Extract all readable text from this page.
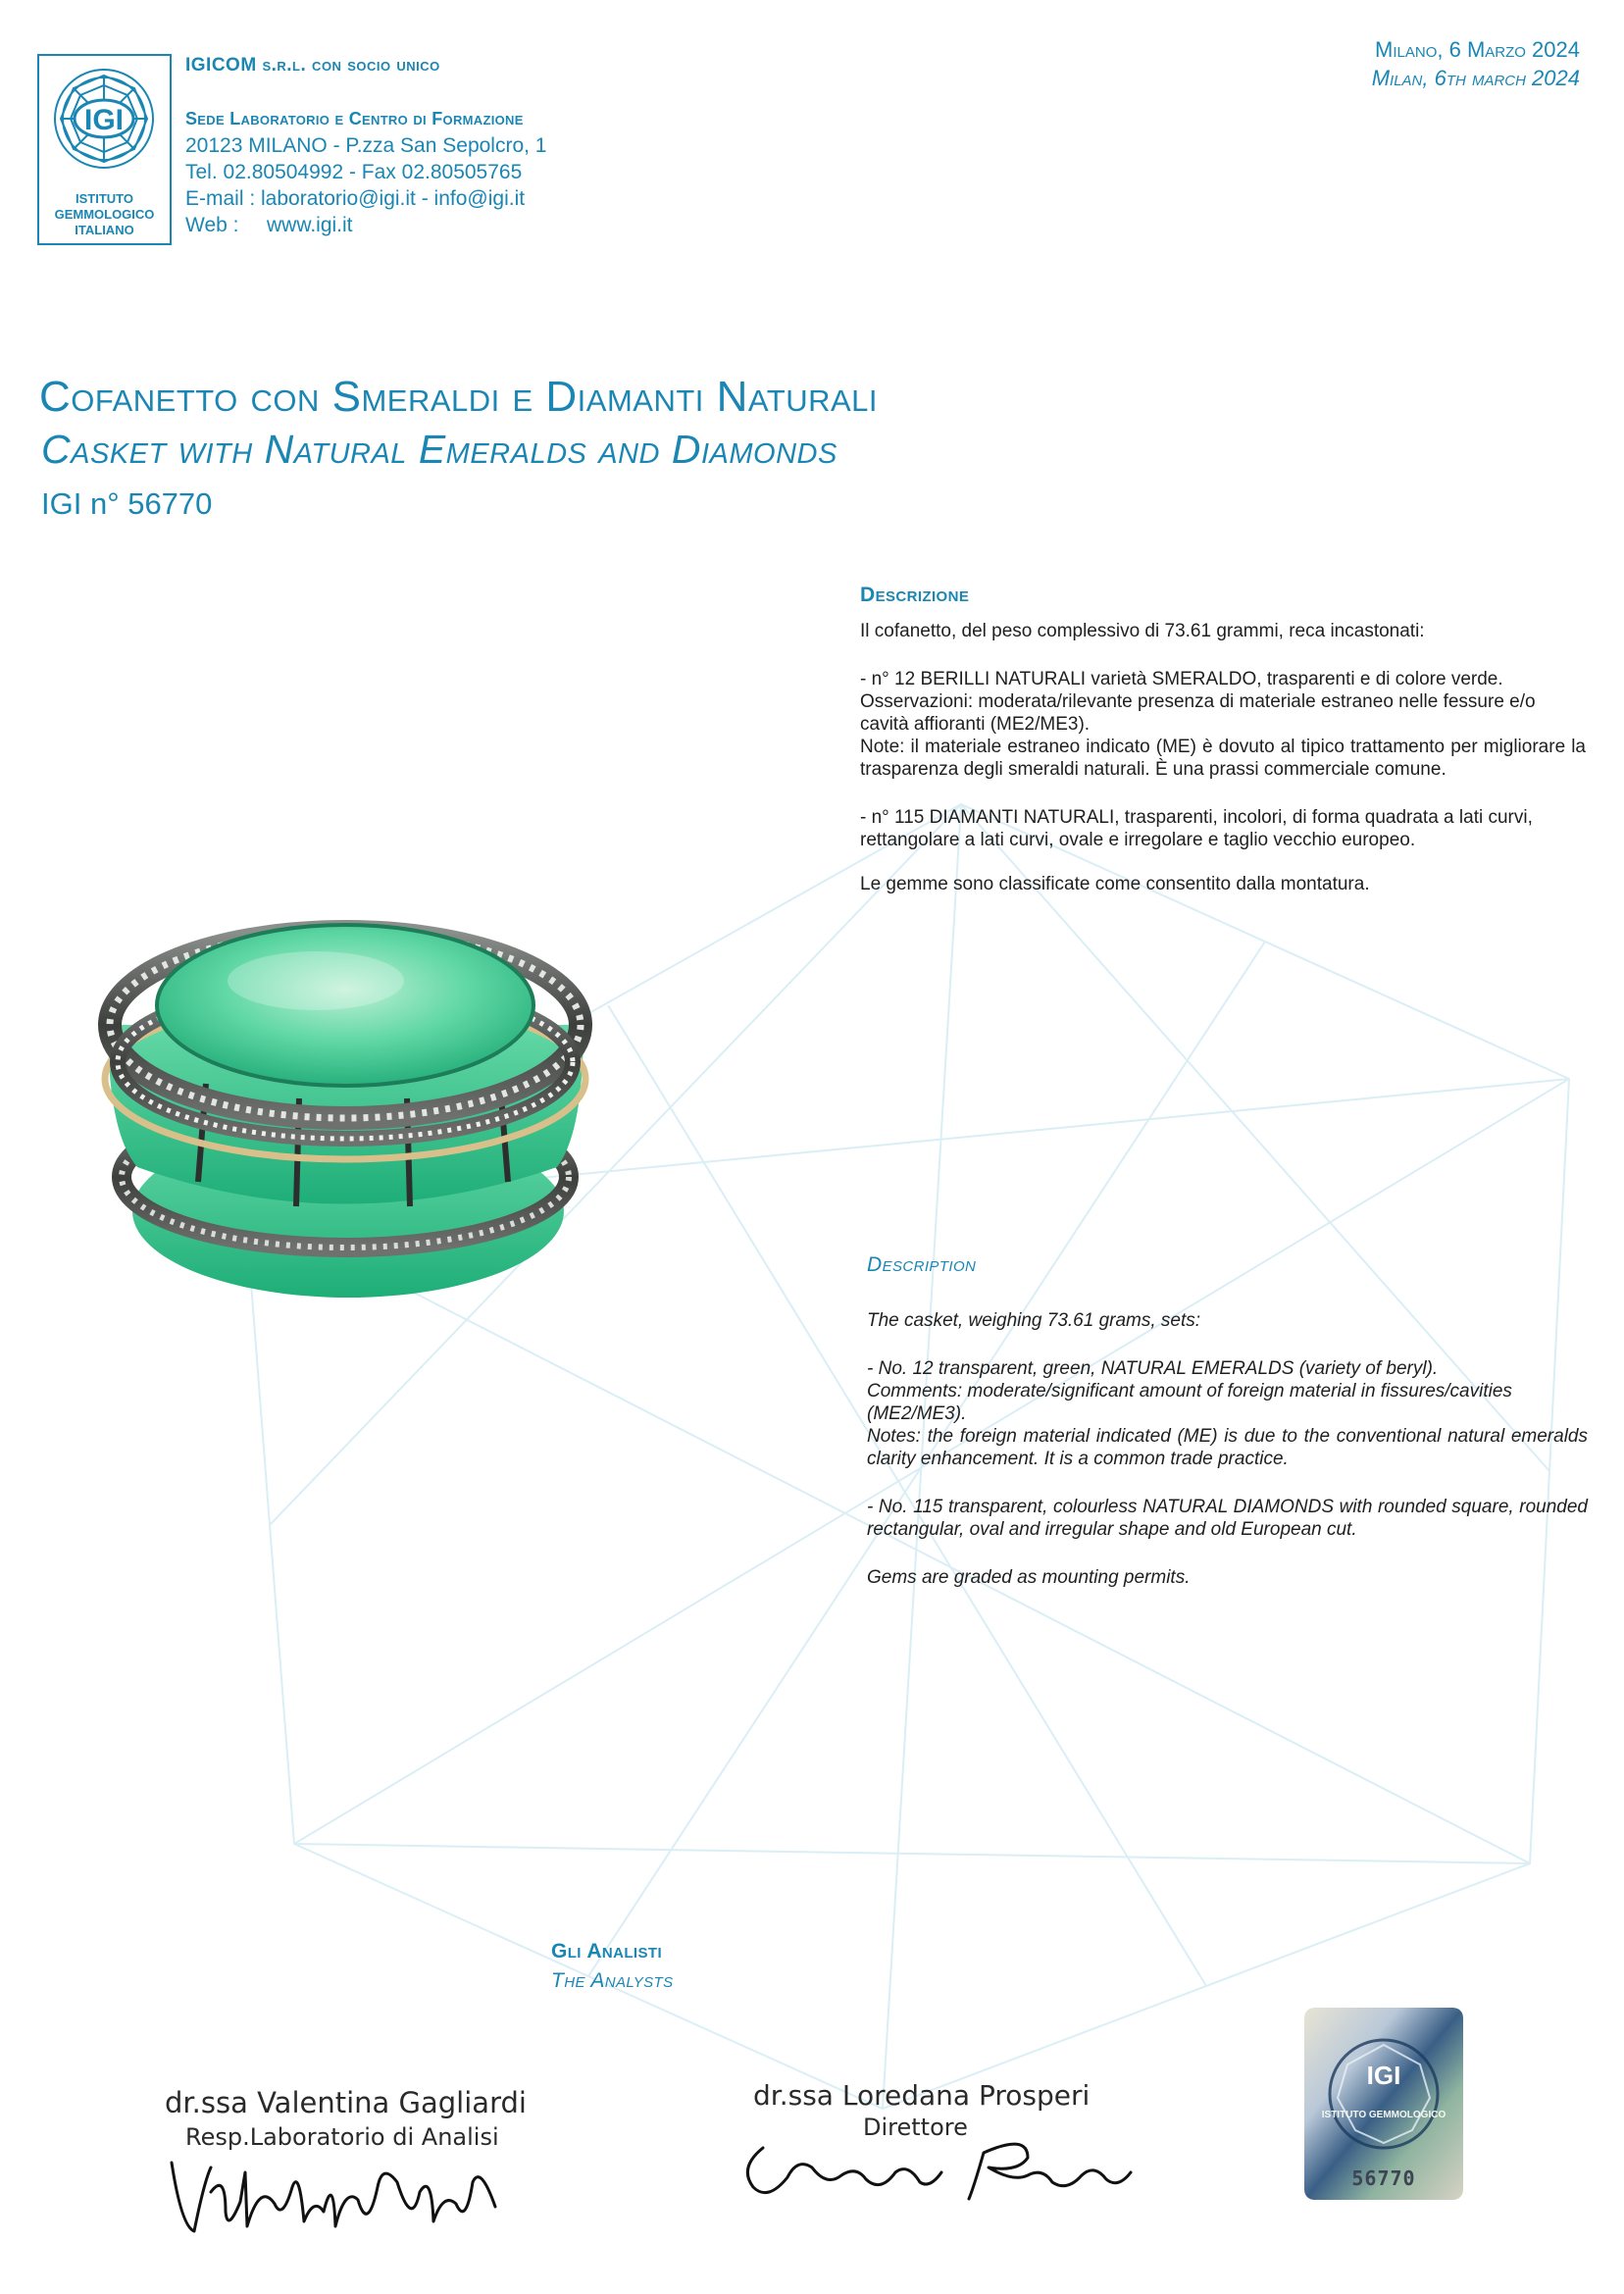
IGI
ISTITUTO
GEMMOLOGICO
ITALIANO
IGICOM s.r.l. con socio unico
Sede Laboratorio e Centro di Formazione
20123 MILANO - P.zza San Sepolcro, 1
Tel. 02.80504992 - Fax 02.80505765
E-mail : laboratorio@igi.it - info@igi.it
Web : www.igi.it
Milano, 6 Marzo 2024
Milan, 6th march 2024
Cofanetto con Smeraldi e Diamanti Naturali
Casket with Natural Emeralds and Diamonds
IGI n° 56770
Descrizione

Il cofanetto, del peso complessivo di 73.61 grammi, reca incastonati:

- n° 12 BERILLI NATURALI varietà SMERALDO, trasparenti e di colore verde.

Osservazioni: moderata/rilevante presenza di materiale estraneo nelle fessure e/o cavità affioranti (ME2/ME3).

Note: il materiale estraneo indicato (ME) è dovuto al tipico trattamento per migliorare la trasparenza degli smeraldi naturali. È una prassi commerciale comune.

- n° 115 DIAMANTI NATURALI, trasparenti, incolori, di forma quadrata a lati curvi, rettangolare a lati curvi, ovale e irregolare e taglio vecchio europeo.

Le gemme sono classificate come consentito dalla montatura.

Description

The casket, weighing 73.61 grams, sets:

- No. 12 transparent, green, NATURAL EMERALDS (variety of beryl).

Comments: moderate/significant amount of foreign material in fissures/cavities (ME2/ME3).

Notes: the foreign material indicated (ME) is due to the conventional natural emeralds clarity enhancement. It is a common trade practice.

- No. 115 transparent, colourless NATURAL DIAMONDS with rounded square, rounded rectangular, oval and irregular shape and old European cut.

Gems are graded as mounting permits.

Gli Analisti
The Analysts
dr.ssa Valentina Gagliardi
Resp.Laboratorio di Analisi
dr.ssa Loredana Prosperi
Direttore
IGI
ISTITUTO GEMMOLOGICO
56770
